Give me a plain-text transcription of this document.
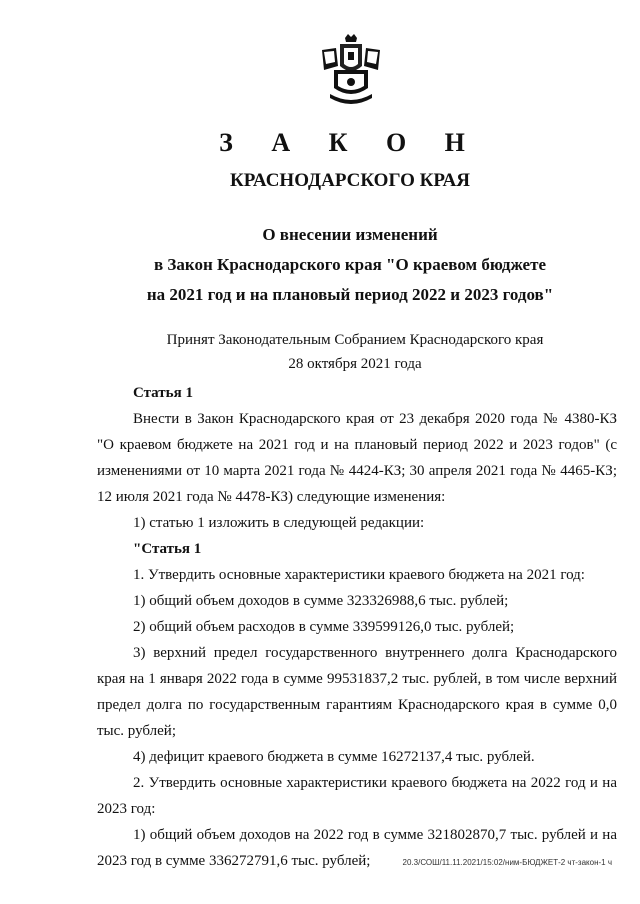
З А К О Н
КРАСНОДАРСКОГО КРАЯ
О внесении изменений
в Закон Краснодарского края "О краевом бюджете
на 2021 год и на плановый период 2022 и 2023 годов"
Принят Законодательным Собранием Краснодарского края
28 октября 2021 года

Статья 1

Внести в Закон Краснодарского края от 23 декабря 2020 года № 4380-КЗ "О краевом бюджете на 2021 год и на плановый период 2022 и 2023 годов" (с изменениями от 10 марта 2021 года № 4424-КЗ; 30 апреля 2021 года № 4465-КЗ; 12 июля 2021 года № 4478-КЗ) следующие изменения:

1) статью 1 изложить в следующей редакции:

"Статья 1

1. Утвердить основные характеристики краевого бюджета на 2021 год:

1) общий объем доходов в сумме 323326988,6 тыс. рублей;

2) общий объем расходов в сумме 339599126,0 тыс. рублей;

3) верхний предел государственного внутреннего долга Краснодарского края на 1 января 2022 года в сумме 99531837,2 тыс. рублей, в том числе верхний предел долга по государственным гарантиям Краснодарского края в сумме 0,0 тыс. рублей;

4) дефицит краевого бюджета в сумме 16272137,4 тыс. рублей.

2. Утвердить основные характеристики краевого бюджета на 2022 год и на 2023 год:

1) общий объем доходов на 2022 год в сумме 321802870,7 тыс. рублей и на 2023 год в сумме 336272791,6 тыс. рублей;	20.3/СОШ/11.11.2021/15:02/ним-БЮДЖЕТ-2 чт-закон-1 ч
